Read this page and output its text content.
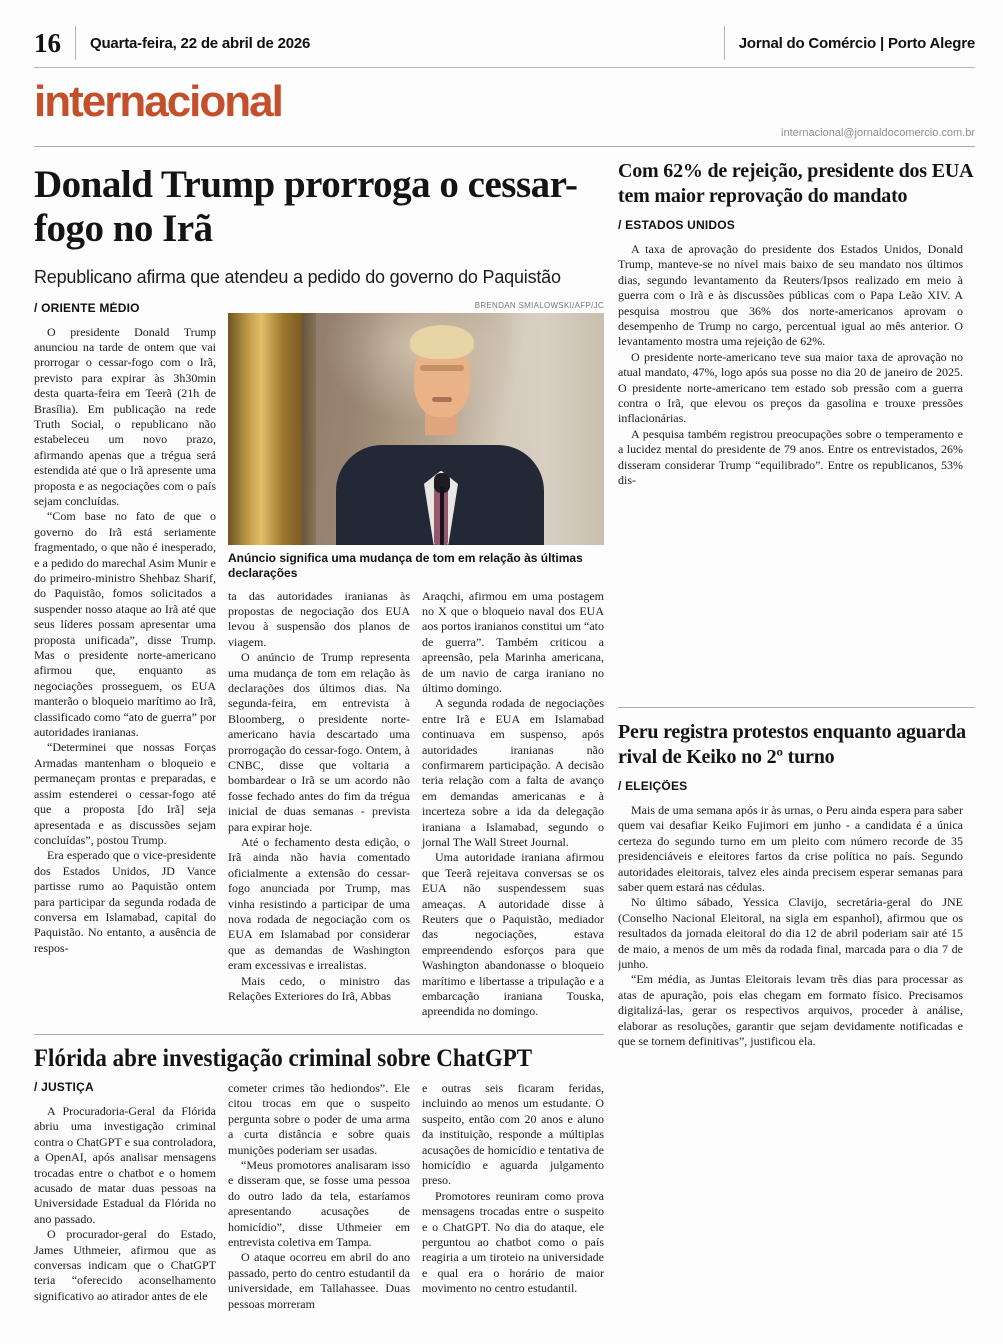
16 Quarta-feira, 22 de abril de 2026	Jornal do Comércio | Porto Alegre
internacional
internacional@jornaldocomercio.com.br
Donald Trump prorroga o cessar-fogo no Irã

Republicano afirma que atendeu a pedido do governo do Paquistão

/ ORIENTE MÉDIO

O presidente Donald Trump anunciou na tarde de ontem que vai prorrogar o cessar-fogo com o Irã, previsto para expirar às 3h30min desta quarta-feira em Teerã (21h de Brasília). Em publicação na rede Truth Social, o republicano não estabeleceu um novo prazo, afirmando apenas que a trégua será estendida até que o Irã apresente uma proposta e as negociações com o país sejam concluídas.

“Com base no fato de que o governo do Irã está seriamente fragmentado, o que não é inesperado, e a pedido do marechal Asim Munir e do primeiro-ministro Shehbaz Sharif, do Paquistão, fomos solicitados a suspender nosso ataque ao Irã até que seus líderes possam apresentar uma proposta unificada”, disse Trump. Mas o presidente norte-americano afirmou que, enquanto as negociações prosseguem, os EUA manterão o bloqueio marítimo ao Irã, classificado como “ato de guerra” por autoridades iranianas.

“Determinei que nossas Forças Armadas mantenham o bloqueio e permaneçam prontas e preparadas, e assim estenderei o cessar-fogo até que a proposta [do Irã] seja apresentada e as discussões sejam concluídas”, postou Trump.

Era esperado que o vice-presidente dos Estados Unidos, JD Vance partisse rumo ao Paquistão ontem para participar da segunda rodada de conversa em Islamabad, capital do Paquistão. No entanto, a ausência de respos-

BRENDAN SMIALOWSKI/AFP/JC
Anúncio significa uma mudança de tom em relação às últimas declarações

ta das autoridades iranianas às propostas de negociação dos EUA levou à suspensão dos planos de viagem.

O anúncio de Trump representa uma mudança de tom em relação às declarações dos últimos dias. Na segunda-feira, em entrevista à Bloomberg, o presidente norte-americano havia descartado uma prorrogação do cessar-fogo. Ontem, à CNBC, disse que voltaria a bombardear o Irã se um acordo não fosse fechado antes do fim da trégua inicial de duas semanas - prevista para expirar hoje.

Até o fechamento desta edição, o Irã ainda não havia comentado oficialmente a extensão do cessar-fogo anunciada por Trump, mas vinha resistindo a participar de uma nova rodada de negociação com os EUA em Islamabad por considerar que as demandas de Washington eram excessivas e irrealistas.

Mais cedo, o ministro das Relações Exteriores do Irã, Abbas

Araqchi, afirmou em uma postagem no X que o bloqueio naval dos EUA aos portos iranianos constitui um “ato de guerra”. Também criticou a apreensão, pela Marinha americana, de um navio de carga iraniano no último domingo.

A segunda rodada de negociações entre Irã e EUA em Islamabad continuava em suspenso, após autoridades iranianas não confirmarem participação. A decisão teria relação com a falta de avanço em demandas americanas e à incerteza sobre a ida da delegação iraniana a Islamabad, segundo o jornal The Wall Street Journal.

Uma autoridade iraniana afirmou que Teerã rejeitava conversas se os EUA não suspendessem suas ameaças. A autoridade disse à Reuters que o Paquistão, mediador das negociações, estava empreendendo esforços para que Washington abandonasse o bloqueio marítimo e libertasse a tripulação e a embarcação iraniana Touska, apreendida no domingo.

Flórida abre investigação criminal sobre ChatGPT
/ JUSTIÇA

A Procuradoria-Geral da Flórida abriu uma investigação criminal contra o ChatGPT e sua controladora, a OpenAI, após analisar mensagens trocadas entre o chatbot e o homem acusado de matar duas pessoas na Universidade Estadual da Flórida no ano passado.

O procurador-geral do Estado, James Uthmeier, afirmou que as conversas indicam que o ChatGPT teria “oferecido aconselhamento significativo ao atirador antes de ele

cometer crimes tão hediondos”. Ele citou trocas em que o suspeito pergunta sobre o poder de uma arma a curta distância e sobre quais munições poderiam ser usadas.

“Meus promotores analisaram isso e disseram que, se fosse uma pessoa do outro lado da tela, estaríamos apresentando acusações de homicídio”, disse Uthmeier em entrevista coletiva em Tampa.

O ataque ocorreu em abril do ano passado, perto do centro estudantil da universidade, em Tallahassee. Duas pessoas morreram

e outras seis ficaram feridas, incluindo ao menos um estudante. O suspeito, então com 20 anos e aluno da instituição, responde a múltiplas acusações de homicídio e tentativa de homicídio e aguarda julgamento preso.

Promotores reuniram como prova mensagens trocadas entre o suspeito e o ChatGPT. No dia do ataque, ele perguntou ao chatbot como o país reagiria a um tiroteio na universidade e qual era o horário de maior movimento no centro estudantil.

Com 62% de rejeição, presidente dos EUA tem maior reprovação do mandato
/ ESTADOS UNIDOS

A taxa de aprovação do presidente dos Estados Unidos, Donald Trump, manteve-se no nível mais baixo de seu mandato nos últimos dias, segundo levantamento da Reuters/Ipsos realizado em meio à guerra com o Irã e às discussões públicas com o Papa Leão XIV. A pesquisa mostrou que 36% dos norte-americanos aprovam o desempenho de Trump no cargo, percentual igual ao mês anterior. O levantamento mostra uma rejeição de 62%.

O presidente norte-americano teve sua maior taxa de aprovação no atual mandato, 47%, logo após sua posse no dia 20 de janeiro de 2025. O presidente norte-americano tem estado sob pressão com a guerra contra o Irã, que elevou os preços da gasolina e trouxe pressões inflacionárias.

A pesquisa também registrou preocupações sobre o temperamento e a lucidez mental do presidente de 79 anos. Entre os entrevistados, 26% disseram considerar Trump “equilibrado”. Entre os republicanos, 53% dis-

Peru registra protestos enquanto aguarda rival de Keiko no 2º turno
/ ELEIÇÕES

Mais de uma semana após ir às urnas, o Peru ainda espera para saber quem vai desafiar Keiko Fujimori em junho - a candidata é a única certeza do segundo turno em um pleito com número recorde de 35 presidenciáveis e eleitores fartos da crise política no país. Segundo autoridades eleitorais, talvez eles ainda precisem esperar semanas para saber quem estará nas cédulas.

No último sábado, Yessica Clavijo, secretária-geral do JNE (Conselho Nacional Eleitoral, na sigla em espanhol), afirmou que os resultados da jornada eleitoral do dia 12 de abril poderiam sair até 15 de maio, a menos de um mês da rodada final, marcada para o dia 7 de junho.

“Em média, as Juntas Eleitorais levam três dias para processar as atas de apuração, pois elas chegam em formato físico. Precisamos digitalizá-las, gerar os respectivos arquivos, proceder à análise, elaborar as resoluções, garantir que sejam devidamente notificadas e que se tornem definitivas”, justificou ela.
